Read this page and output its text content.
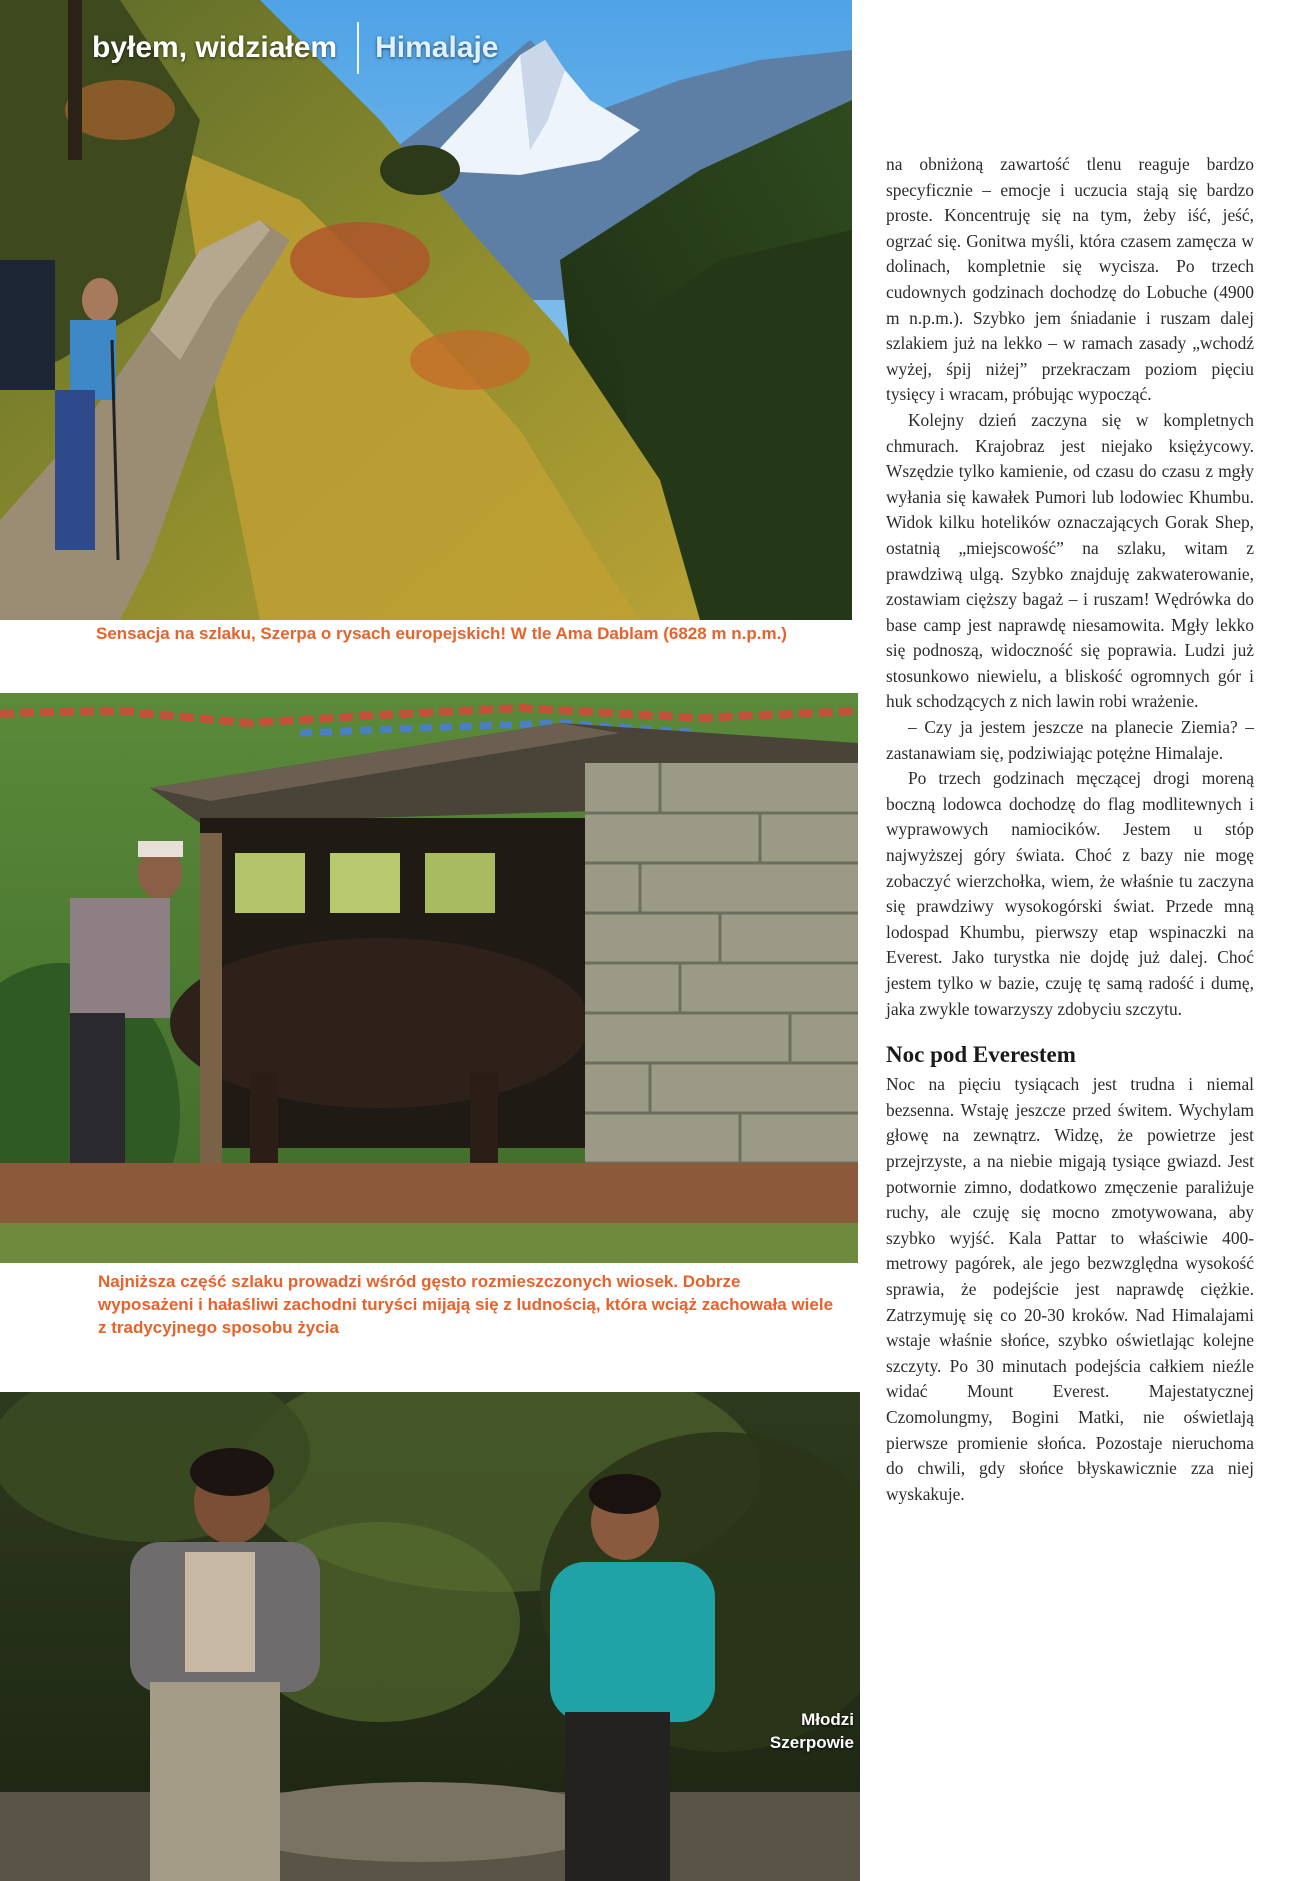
byłem, widziałem Himalaje
Sensacja na szlaku, Szerpa o rysach europejskich! W tle Ama Dablam (6828 m n.p.m.)
Najniższa część szlaku prowadzi wśród gęsto rozmieszczonych wiosek. Dobrze wyposażeni i hałaśliwi zachodni turyści mijają się z ludnością, która wciąż zachowała wiele z tradycyjnego sposobu życia
Młodzi Szerpowie

na obniżoną zawartość tlenu reaguje bardzo specyficznie – emocje i uczucia stają się bardzo proste. Koncentruję się na tym, żeby iść, jeść, ogrzać się. Gonitwa myśli, która czasem zamęcza w dolinach, kompletnie się wycisza. Po trzech cudownych godzinach dochodzę do Lobuche (4900 m n.p.m.). Szybko jem śniadanie i ruszam dalej szlakiem już na lekko – w ramach zasady „wchodź wyżej, śpij niżej” przekraczam poziom pięciu tysięcy i wracam, próbując wypocząć.

Kolejny dzień zaczyna się w kompletnych chmurach. Krajobraz jest niejako księżycowy. Wszędzie tylko kamienie, od czasu do czasu z mgły wyłania się kawałek Pumori lub lodowiec Khumbu. Widok kilku hotelików oznaczających Gorak Shep, ostatnią „miejscowość” na szlaku, witam z prawdziwą ulgą. Szybko znajduję zakwaterowanie, zostawiam cięższy bagaż – i ruszam! Wędrówka do base camp jest naprawdę niesamowita. Mgły lekko się podnoszą, widoczność się poprawia. Ludzi już stosunkowo niewielu, a bliskość ogromnych gór i huk schodzących z nich lawin robi wrażenie.

– Czy ja jestem jeszcze na planecie Ziemia? – zastanawiam się, podziwiając potężne Himalaje.

Po trzech godzinach męczącej drogi moreną boczną lodowca dochodzę do flag modlitewnych i wyprawowych namiocików. Jestem u stóp najwyższej góry świata. Choć z bazy nie mogę zobaczyć wierzchołka, wiem, że właśnie tu zaczyna się prawdziwy wysokogórski świat. Przede mną lodospad Khumbu, pierwszy etap wspinaczki na Everest. Jako turystka nie dojdę już dalej. Choć jestem tylko w bazie, czuję tę samą radość i dumę, jaka zwykle towarzyszy zdobyciu szczytu.

Noc pod Everestem

Noc na pięciu tysiącach jest trudna i niemal bezsenna. Wstaję jeszcze przed świtem. Wychylam głowę na zewnątrz. Widzę, że powietrze jest przejrzyste, a na niebie migają tysiące gwiazd. Jest potwornie zimno, dodatkowo zmęczenie paraliżuje ruchy, ale czuję się mocno zmotywowana, aby szybko wyjść. Kala Pattar to właściwie 400-metrowy pagórek, ale jego bezwzględna wysokość sprawia, że podejście jest naprawdę ciężkie. Zatrzymuję się co 20-30 kroków. Nad Himalajami wstaje właśnie słońce, szybko oświetlając kolejne szczyty. Po 30 minutach podejścia całkiem nieźle widać Mount Everest. Majestatycznej Czomolungmy, Bogini Matki, nie oświetlają pierwsze promienie słońca. Pozostaje nieruchoma do chwili, gdy słońce błyskawicznie zza niej wyskakuje.
